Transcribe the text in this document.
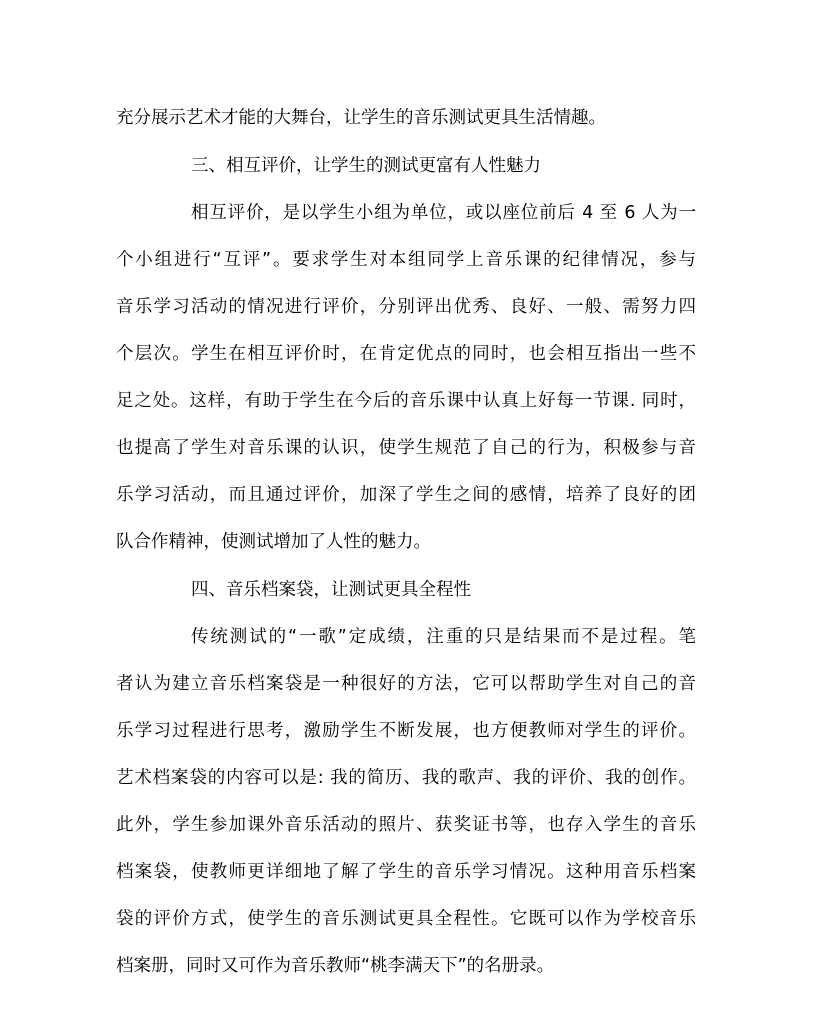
充分展示艺术才能的大舞台，让学生的音乐测试更具生活情趣。
三、相互评价，让学生的测试更富有人性魅力
相互评价，是以学生小组为单位，或以座位前后 4 至 6 人为一
个小组进行“互评”。要求学生对本组同学上音乐课的纪律情况，参与
音乐学习活动的情况进行评价，分别评出优秀、良好、一般、需努力四
个层次。学生在相互评价时，在肯定优点的同时，也会相互指出一些不
足之处。这样，有助于学生在今后的音乐课中认真上好每一节课. 同时，
也提高了学生对音乐课的认识，使学生规范了自己的行为，积极参与音
乐学习活动，而且通过评价，加深了学生之间的感情，培养了良好的团
队合作精神，使测试增加了人性的魅力。
四、音乐档案袋，让测试更具全程性
传统测试的“一歌”定成绩，注重的只是结果而不是过程。笔
者认为建立音乐档案袋是一种很好的方法，它可以帮助学生对自己的音
乐学习过程进行思考，激励学生不断发展，也方便教师对学生的评价。
艺术档案袋的内容可以是: 我的简历、我的歌声、我的评价、我的创作。
此外，学生参加课外音乐活动的照片、获奖证书等，也存入学生的音乐
档案袋，使教师更详细地了解了学生的音乐学习情况。这种用音乐档案
袋的评价方式，使学生的音乐测试更具全程性。它既可以作为学校音乐
档案册，同时又可作为音乐教师“桃李满天下”的名册录。
